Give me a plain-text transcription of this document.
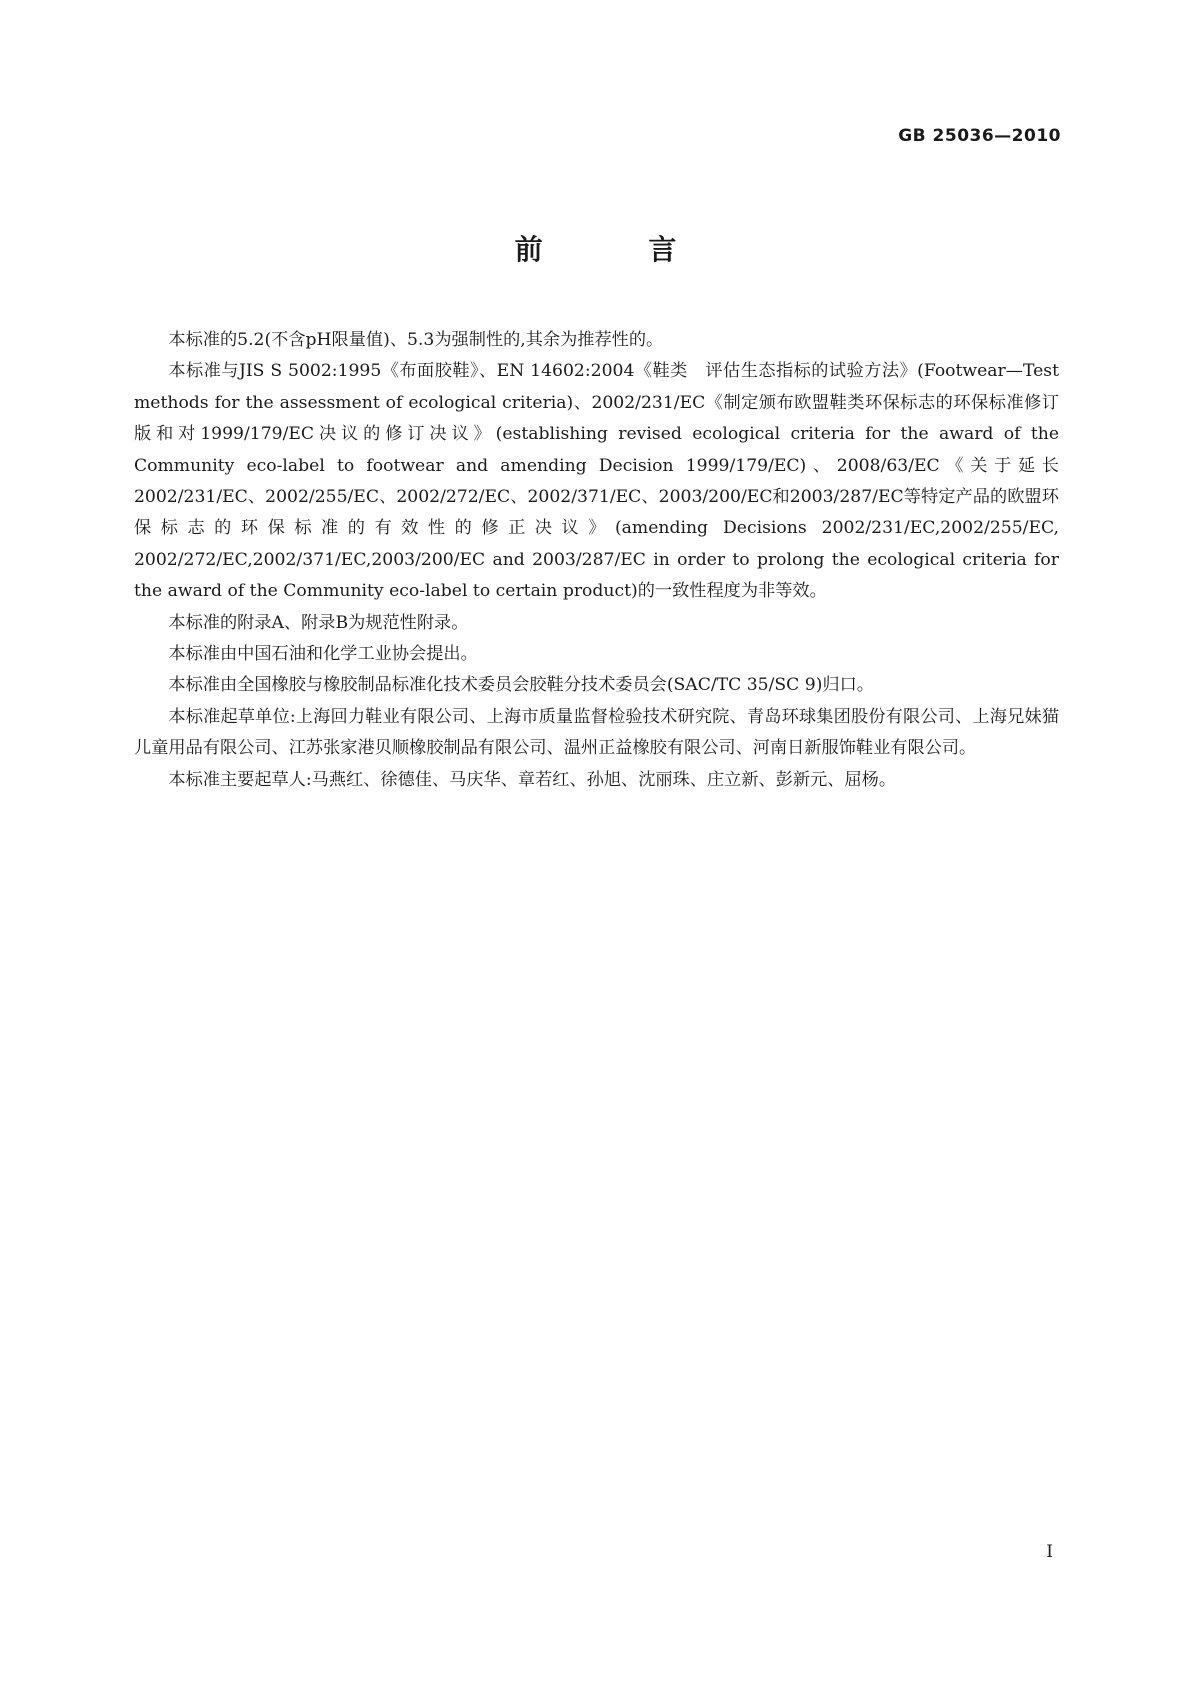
GB 25036—2010
前 言

本标准的5.2(不含pH限量值)、5.3为强制性的,其余为推荐性的。

本标准与JIS S 5002:1995《布面胶鞋》、EN 14602:2004《鞋类　评估生态指标的试验方法》(Footwear—Test methods for the assessment of ecological criteria)、2002/231/EC《制定颁布欧盟鞋类环保标志的环保标准修订版和对1999/179/EC决议的修订决议》(establishing revised ecological criteria for the award of the Community eco-label to footwear and amending Decision 1999/179/EC)、2008/63/EC《关于延长2002/231/EC、2002/255/EC、2002/272/EC、2002/371/EC、2003/200/EC和2003/287/EC等特定产品的欧盟环保标志的环保标准的有效性的修正决议》(amending Decisions 2002/231/EC,2002/255/EC, 2002/272/EC,2002/371/EC,2003/200/EC and 2003/287/EC in order to prolong the ecological criteria for the award of the Community eco-label to certain product)的一致性程度为非等效。

本标准的附录A、附录B为规范性附录。

本标准由中国石油和化学工业协会提出。

本标准由全国橡胶与橡胶制品标准化技术委员会胶鞋分技术委员会(SAC/TC 35/SC 9)归口。

本标准起草单位:上海回力鞋业有限公司、上海市质量监督检验技术研究院、青岛环球集团股份有限公司、上海兄妹猫儿童用品有限公司、江苏张家港贝顺橡胶制品有限公司、温州正益橡胶有限公司、河南日新服饰鞋业有限公司。

本标准主要起草人:马燕红、徐德佳、马庆华、章若红、孙旭、沈丽珠、庄立新、彭新元、屈杨。

I
